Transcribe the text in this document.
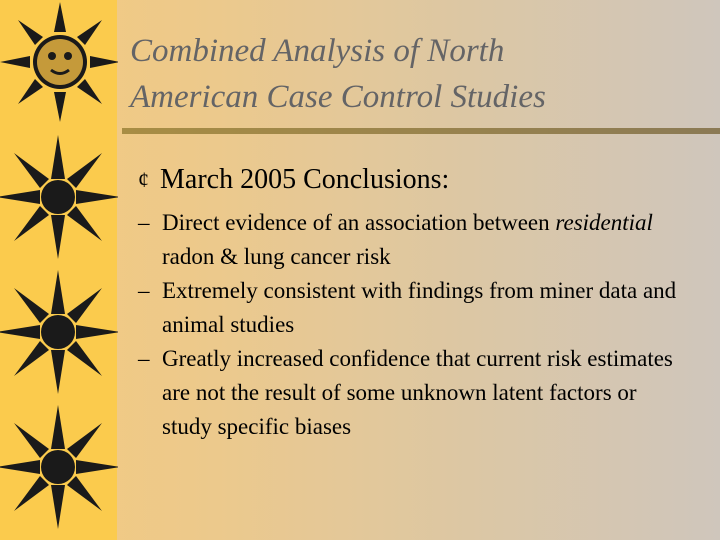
Combined Analysis of North
American Case Control Studies
¢ March 2005 Conclusions:
– Direct evidence of an association between residential radon & lung cancer risk
– Extremely consistent with findings from miner data and animal studies
– Greatly increased confidence that current risk estimates are not the result of some unknown latent factors or study specific biases
